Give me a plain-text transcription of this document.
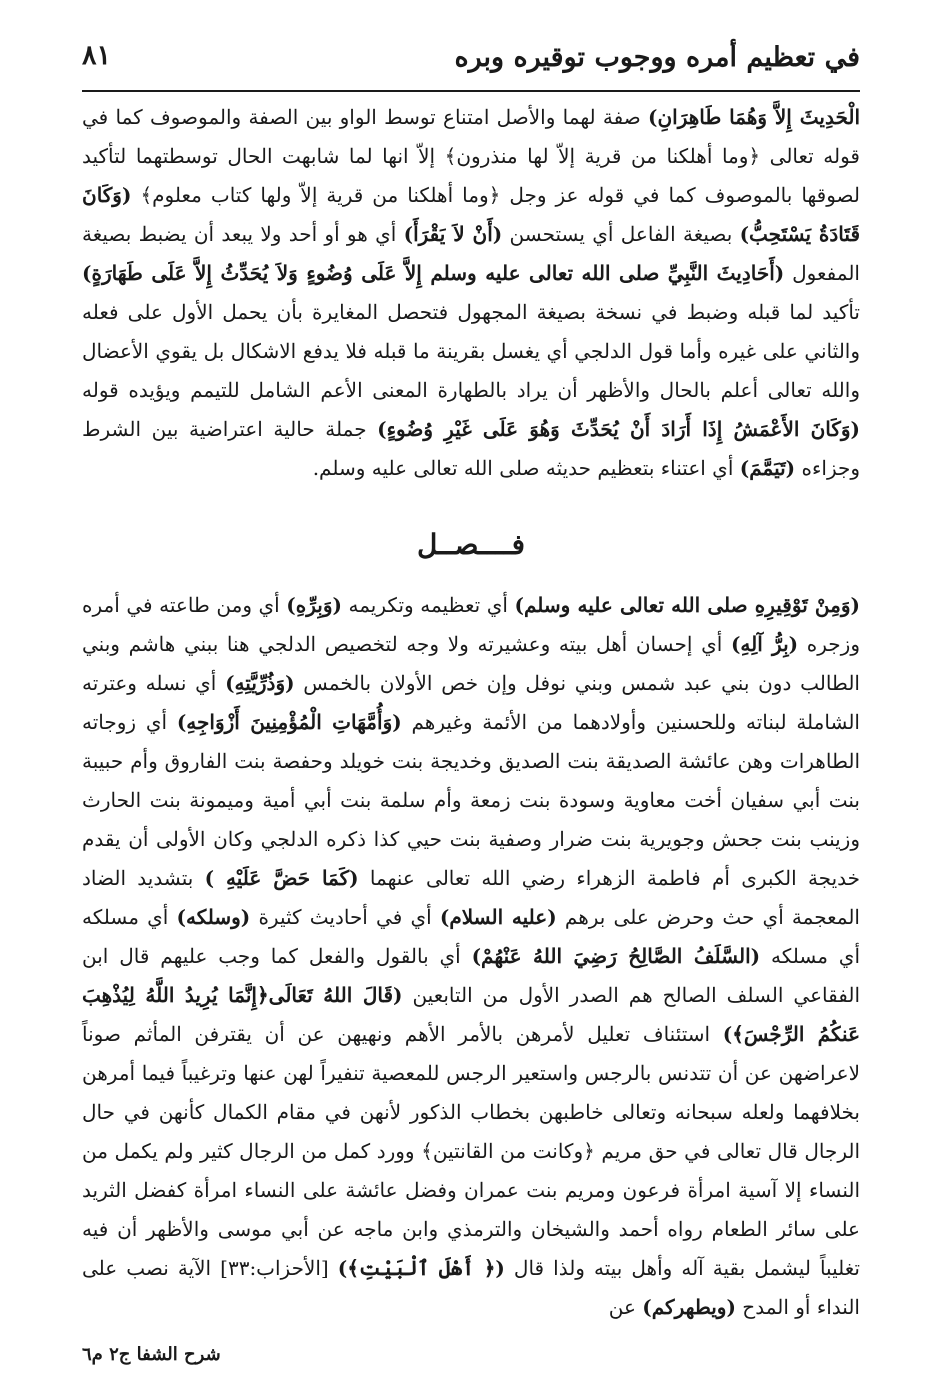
في تعظيم أمره ووجوب توقيره وبره
٨١

الْحَدِيثَ إِلاَّ وَهُمَا طَاهِرَانِ) صفة لهما والأصل امتناع توسط الواو بين الصفة والموصوف كما في قوله تعالى ﴿وما أهلكنا من قرية إلاّ لها منذرون﴾ إلاّ انها لما شابهت الحال توسطتهما لتأكيد لصوقها بالموصوف كما في قوله عز وجل ﴿وما أهلكنا من قرية إلاّ ولها كتاب معلوم﴾ (وَكَانَ قَتَادَةُ يَسْتَحِبُّ) بصيغة الفاعل أي يستحسن (أَنْ لاَ يَقْرَأَ) أي هو أو أحد ولا يبعد أن يضبط بصيغة المفعول (أَحَادِيثَ النَّبِيِّ صلى الله تعالى عليه وسلم إِلاَّ عَلَى وُضُوءٍ وَلاَ يُحَدِّثُ إِلاَّ عَلَى طَهَارَةٍ) تأكيد لما قبله وضبط في نسخة بصيغة المجهول فتحصل المغايرة بأن يحمل الأول على فعله والثاني على غيره وأما قول الدلجي أي يغسل بقرينة ما قبله فلا يدفع الاشكال بل يقوي الأعضال والله تعالى أعلم بالحال والأظهر أن يراد بالطهارة المعنى الأعم الشامل للتيمم ويؤيده قوله (وَكَانَ الأَعْمَشُ إِذَا أَرَادَ أَنْ يُحَدِّثَ وَهُوَ عَلَى غَيْرِ وُضُوءٍ) جملة حالية اعتراضية بين الشرط وجزاءه (تَيَمَّمَ) أي اعتناء بتعظيم حديثه صلى الله تعالى عليه وسلم.

فــــصــل

(وَمِنْ تَوْقِيرِهِ صلى الله تعالى عليه وسلم) أي تعظيمه وتكريمه (وَبِرِّهِ) أي ومن طاعته في أمره وزجره (بِرُّ آلِهِ) أي إحسان أهل بيته وعشيرته ولا وجه لتخصيص الدلجي هنا ببني هاشم وبني الطالب دون بني عبد شمس وبني نوفل وإن خص الأولان بالخمس (وَذُرِّيَّتِهِ) أي نسله وعترته الشاملة لبناته وللحسنين وأولادهما من الأئمة وغيرهم (وَأُمَّهَاتِ الْمُؤْمِنِينَ أَزْوَاجِهِ) أي زوجاته الطاهرات وهن عائشة الصديقة بنت الصديق وخديجة بنت خويلد وحفصة بنت الفاروق وأم حبيبة بنت أبي سفيان أخت معاوية وسودة بنت زمعة وأم سلمة بنت أبي أمية وميمونة بنت الحارث وزينب بنت جحش وجويرية بنت ضرار وصفية بنت حيي كذا ذكره الدلجي وكان الأولى أن يقدم خديجة الكبرى أم فاطمة الزهراء رضي الله تعالى عنهما (كَمَا حَضَّ عَلَيْهِ ) بتشديد الضاد المعجمة أي حث وحرض على برهم (عليه السلام) أي في أحاديث كثيرة (وسلكه) أي مسلكه أي مسلكه (السَّلَفُ الصَّالِحُ رَضِيَ اللهُ عَنْهُمْ) أي بالقول والفعل كما وجب عليهم قال ابن الفقاعي السلف الصالح هم الصدر الأول من التابعين (قَالَ اللهُ تَعَالَى﴿إِنَّمَا يُرِيدُ اللَّهُ لِيُذْهِبَ عَنكُمُ الرِّجْسَ﴾) استئناف تعليل لأمرهن بالأمر الأهم ونهيهن عن أن يقترفن المأثم صوناً لاعراضهن عن أن تتدنس بالرجس واستعير الرجس للمعصية تنفيراً لهن عنها وترغيباً فيما أمرهن بخلافهما ولعله سبحانه وتعالى خاطبهن بخطاب الذكور لأنهن في مقام الكمال كأنهن في حال الرجال قال تعالى في حق مريم ﴿وكانت من القانتين﴾ وورد كمل من الرجال كثير ولم يكمل من النساء إلا آسية امرأة فرعون ومريم بنت عمران وفضل عائشة على النساء امرأة كفضل الثريد على سائر الطعام رواه أحمد والشيخان والترمذي وابن ماجه عن أبي موسى والأظهر أن فيه تغليباً ليشمل بقية آله وأهل بيته ولذا قال (﴿ أَهْلَ ٱلْبَيْتِ﴾) [الأحزاب:٣٣] الآية نصب على النداء أو المدح (ويطهركم) عن

شرح الشفا ج٢ م٦
